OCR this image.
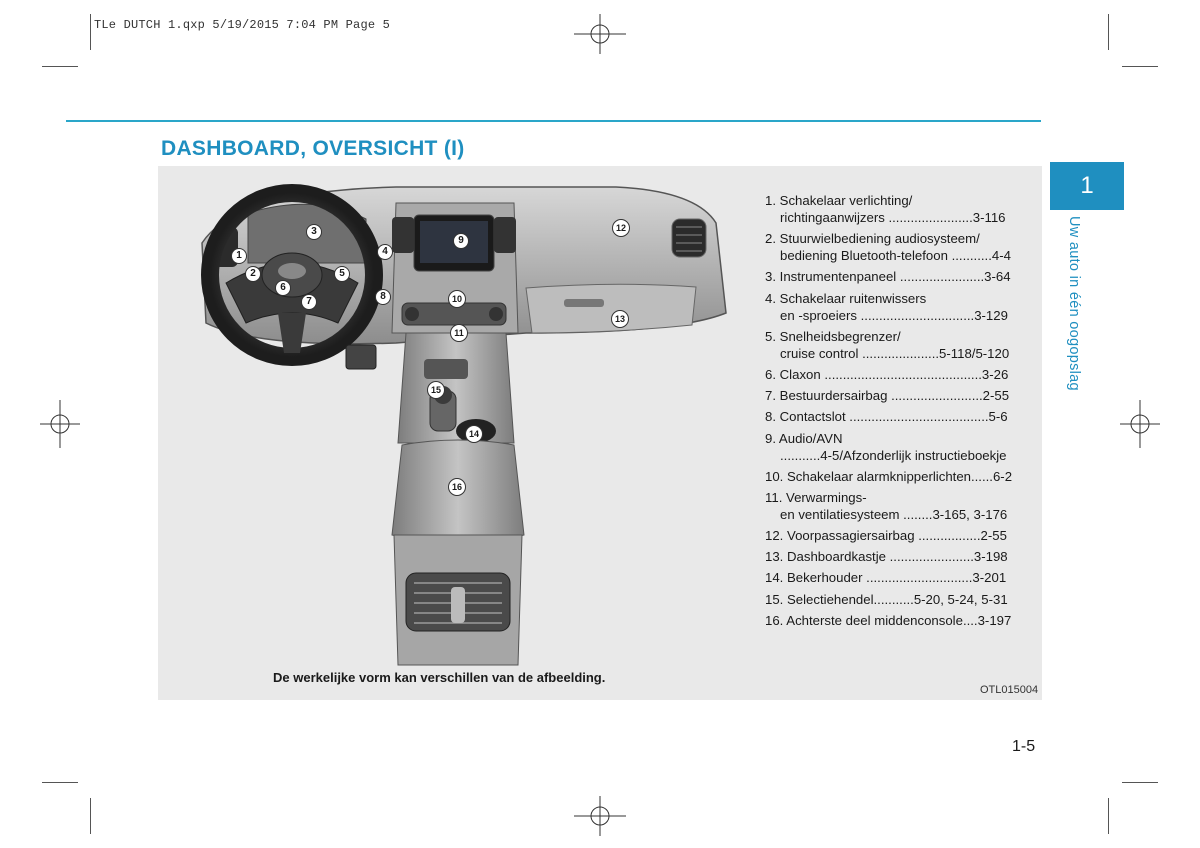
TLe DUTCH 1.qxp 5/19/2015 7:04 PM Page 5
DASHBOARD, OVERSICHT (I)
1
2
3
4
5
6
7	8
9
10
11
12
13
14
15
16
1. Schakelaar verlichting/
richtingaanwijzers .......................3-116
2. Stuurwielbediening audiosysteem/
bediening Bluetooth-telefoon ...........4-4
3. Instrumentenpaneel .......................3-64
4. Schakelaar ruitenwissers
en -sproeiers ...............................3-129
5. Snelheidsbegrenzer/
cruise control .....................5-118/5-120
6. Claxon ...........................................3-26
7. Bestuurdersairbag .........................2-55
8. Contactslot ......................................5-6
9. Audio/AVN
...........4-5/Afzonderlijk instructieboekje
10. Schakelaar alarmknipperlichten......6-2
11. Verwarmings-
en ventilatiesysteem ........3-165, 3-176
12. Voorpassagiersairbag .................2-55
13. Dashboardkastje .......................3-198
14. Bekerhouder .............................3-201
15. Selectiehendel...........5-20, 5-24, 5-31
16. Achterste deel middenconsole....3-197
De werkelijke vorm kan verschillen van de afbeelding.
OTL015004
1
Uw auto in één oogopslag
1-5
